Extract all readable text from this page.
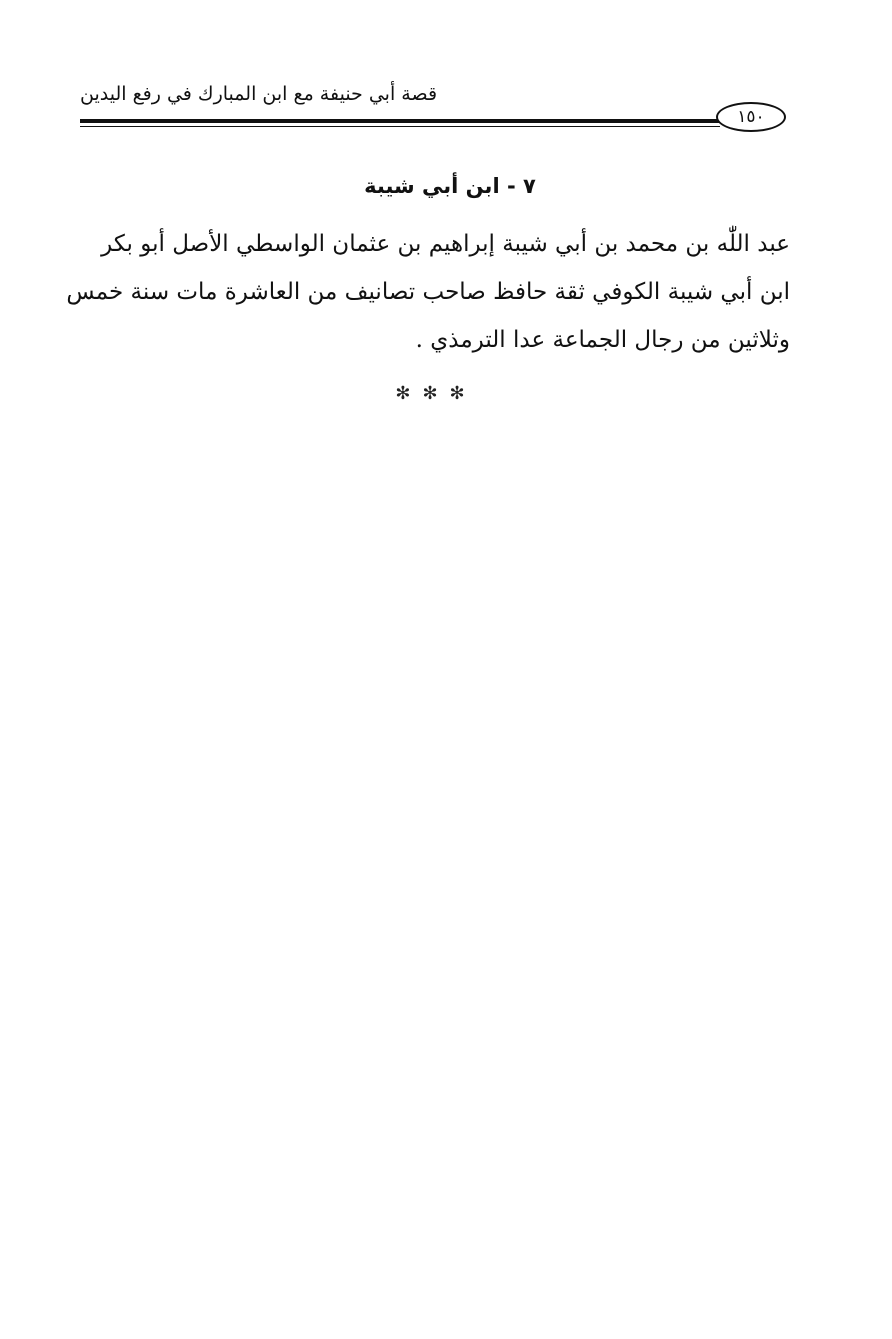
قصة أبي حنيفة مع ابن المبارك في رفع اليدين
١٥٠
٧ - ابن أبي شيبة
عبد اللّٰه بن محمد بن أبي شيبة إبراهيم بن عثمان الواسطي الأصل أبو بكر
ابن أبي شيبة الكوفي ثقة حافظ صاحب تصانيف من العاشرة مات سنة خمس
وثلاثين من رجال الجماعة عدا الترمذي .
✻✻✻
